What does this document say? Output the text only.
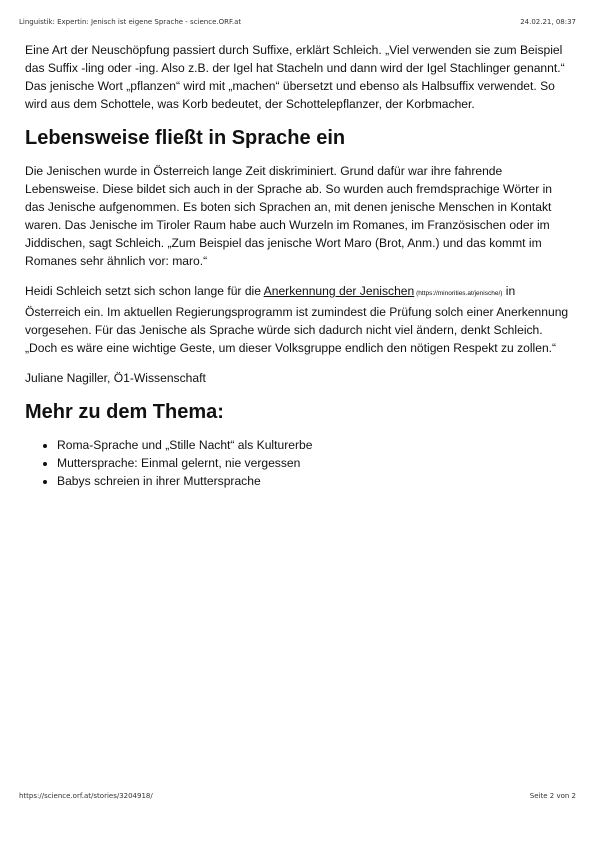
Linguistik: Expertin: Jenisch ist eigene Sprache - science.ORF.at	24.02.21, 08:37

Eine Art der Neuschöpfung passiert durch Suffixe, erklärt Schleich. „Viel verwenden sie zum Beispiel das Suffix -ling oder -ing. Also z.B. der Igel hat Stacheln und dann wird der Igel Stachlinger genannt.“ Das jenische Wort „pflanzen“ wird mit „machen“ übersetzt und ebenso als Halbsuffix verwendet. So wird aus dem Schottele, was Korb bedeutet, der Schottelepflanzer, der Korbmacher.

Lebensweise fließt in Sprache ein

Die Jenischen wurde in Österreich lange Zeit diskriminiert. Grund dafür war ihre fahrende Lebensweise. Diese bildet sich auch in der Sprache ab. So wurden auch fremdsprachige Wörter in das Jenische aufgenommen. Es boten sich Sprachen an, mit denen jenische Menschen in Kontakt waren. Das Jenische im Tiroler Raum habe auch Wurzeln im Romanes, im Französischen oder im Jiddischen, sagt Schleich. „Zum Beispiel das jenische Wort Maro (Brot, Anm.) und das kommt im Romanes sehr ähnlich vor: maro.“

Heidi Schleich setzt sich schon lange für die Anerkennung der Jenischen (https://minorities.at/jenische/) in Österreich ein. Im aktuellen Regierungsprogramm ist zumindest die Prüfung solch einer Anerkennung vorgesehen. Für das Jenische als Sprache würde sich dadurch nicht viel ändern, denkt Schleich. „Doch es wäre eine wichtige Geste, um dieser Volksgruppe endlich den nötigen Respekt zu zollen.“

Juliane Nagiller, Ö1-Wissenschaft

Mehr zu dem Thema:
• Roma-Sprache und „Stille Nacht“ als Kulturerbe
• Muttersprache: Einmal gelernt, nie vergessen
• Babys schreien in ihrer Muttersprache
https://science.orf.at/stories/3204918/	Seite 2 von 2
